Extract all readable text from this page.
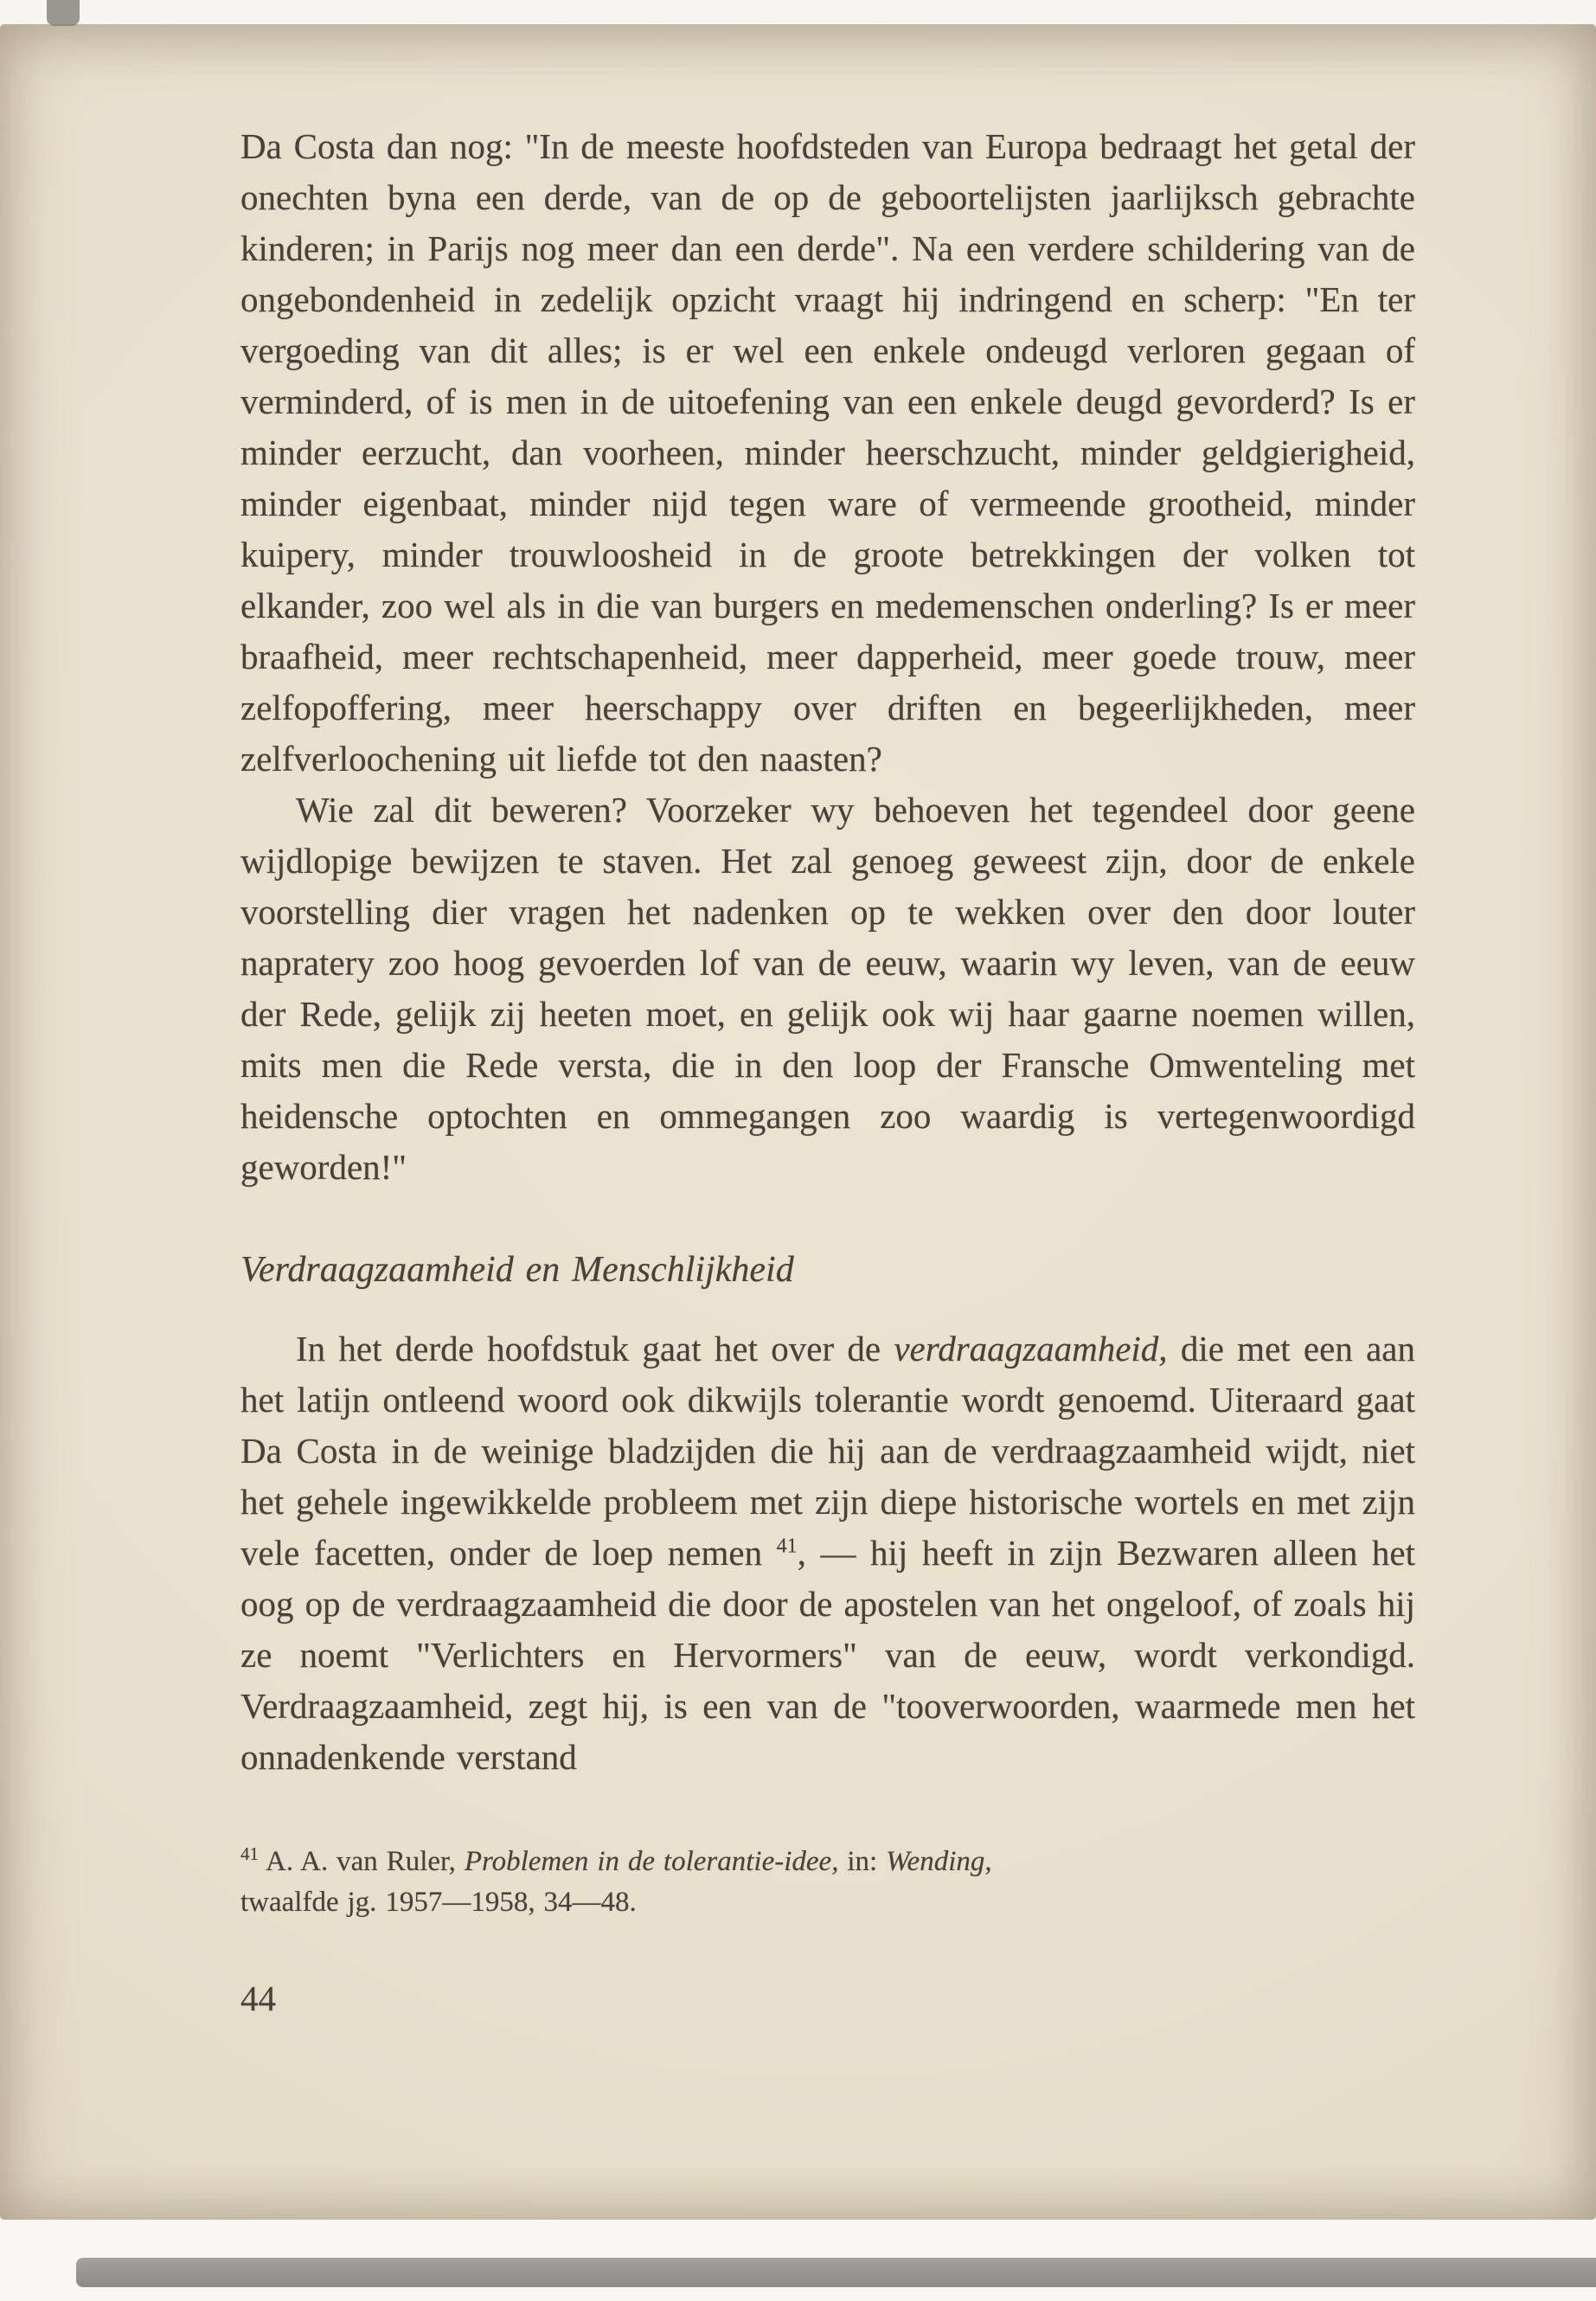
Da Costa dan nog: "In de meeste hoofdsteden van Europa bedraagt het getal der onechten byna een derde, van de op de geboortelijsten jaarlijksch gebrachte kinderen; in Parijs nog meer dan een derde". Na een verdere schildering van de ongebondenheid in zedelijk opzicht vraagt hij indringend en scherp: "En ter vergoeding van dit alles; is er wel een enkele ondeugd verloren gegaan of verminderd, of is men in de uitoefening van een enkele deugd gevorderd? Is er minder eerzucht, dan voorheen, minder heerschzucht, minder geldgierigheid, minder eigenbaat, minder nijd tegen ware of vermeende grootheid, minder kuipery, minder trouwloosheid in de groote betrekkingen der volken tot elkander, zoo wel als in die van burgers en medemenschen onderling? Is er meer braafheid, meer rechtschapenheid, meer dapperheid, meer goede trouw, meer zelfopoffering, meer heerschappy over driften en begeerlijkheden, meer zelfverloochening uit liefde tot den naasten?

Wie zal dit beweren? Voorzeker wy behoeven het tegendeel door geene wijdlopige bewijzen te staven. Het zal genoeg geweest zijn, door de enkele voorstelling dier vragen het nadenken op te wekken over den door louter napratery zoo hoog gevoerden lof van de eeuw, waarin wy leven, van de eeuw der Rede, gelijk zij heeten moet, en gelijk ook wij haar gaarne noemen willen, mits men die Rede versta, die in den loop der Fransche Omwenteling met heidensche optochten en ommegangen zoo waardig is vertegenwoordigd geworden!"

Verdraagzaamheid en Menschlijkheid

In het derde hoofdstuk gaat het over de verdraagzaamheid, die met een aan het latijn ontleend woord ook dikwijls tolerantie wordt genoemd. Uiteraard gaat Da Costa in de weinige bladzijden die hij aan de verdraagzaamheid wijdt, niet het gehele ingewikkelde probleem met zijn diepe historische wortels en met zijn vele facetten, onder de loep nemen $^{41}$, — hij heeft in zijn Bezwaren alleen het oog op de verdraagzaamheid die door de apostelen van het ongeloof, of zoals hij ze noemt "Verlichters en Hervormers" van de eeuw, wordt verkondigd. Verdraagzaamheid, zegt hij, is een van de "tooverwoorden, waarmede men het onnadenkende verstand

$^{41}$ A. A. van Ruler, Problemen in de tolerantie-idee, in: Wending,
twaalfde jg. 1957—1958, 34—48.
44
